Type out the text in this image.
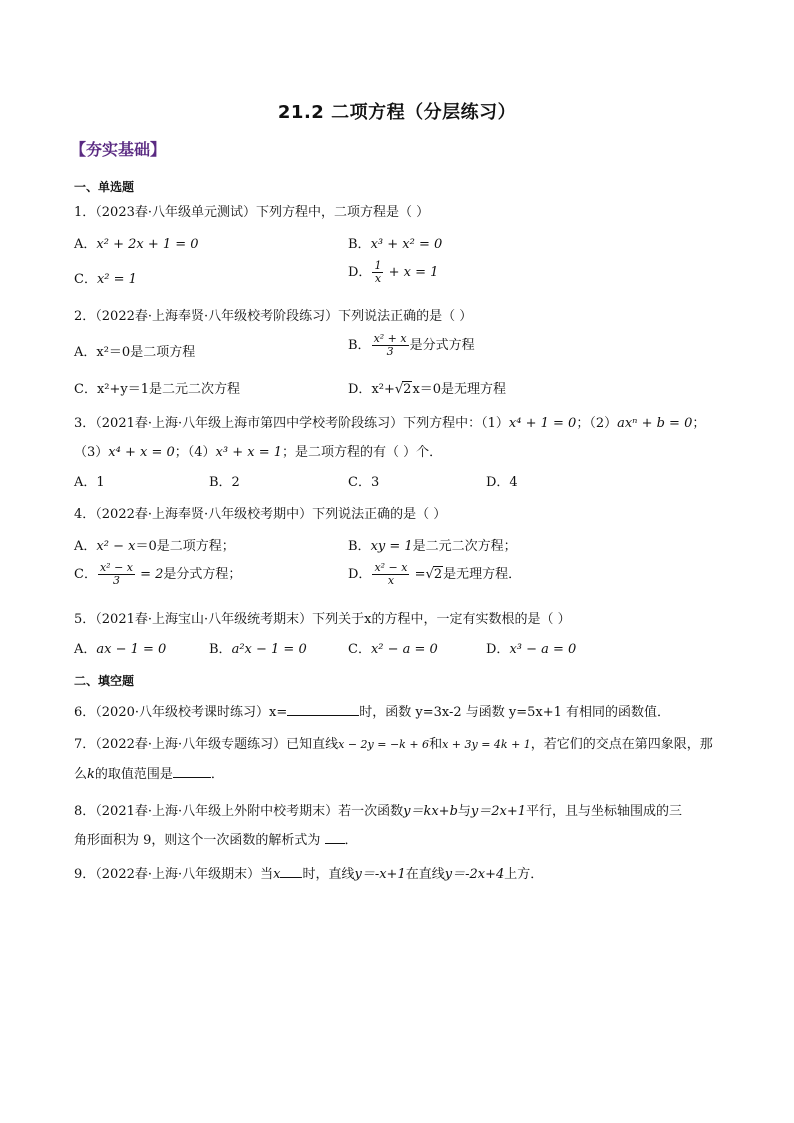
21.2 二项方程（分层练习）
【夯实基础】
一、单选题
1．（2023春·八年级单元测试）下列方程中，二项方程是（ ）
A．x² + 2x + 1 = 0	B．x³ + x² = 0
C．x² = 1	D． $\frac{1}{x} + x = 1$
2．（2022春·上海奉贤·八年级校考阶段练习）下列说法正确的是（ ）
A．x²＝0是二项方程	B． $\frac{\text{x² + x}}{3}$ 是分式方程
C．x²+y＝1是二元二次方程	D．x²+√2x＝0是无理方程
3．（2021春·上海·八年级上海市第四中学校考阶段练习）下列方程中：（1）x⁴ + 1 = 0；（2）axⁿ + b = 0；
（3）x⁴ + x = 0；（4）x³ + x = 1；是二项方程的有（ ）个．
A．1	B．2	C．3	D．4
4．（2022春·上海奉贤·八年级校考期中）下列说法正确的是（ ）
A．x² − x＝0是二项方程；	B．xy = 1是二元二次方程；
C． $\frac{\text{x² − x}}{3} = 2$是分式方程；	D． $\frac{\text{x² − x}}{x} =√2$是无理方程．
5．（2021春·上海宝山·八年级统考期末）下列关于x的方程中，一定有实数根的是（ ）
A．ax − 1 = 0	B．a²x − 1 = 0	C．x² − a = 0	D．x³ − a = 0
二、填空题
6．（2020·八年级校考课时练习）x=	时，函数 y=3x-2 与函数 y=5x+1 有相同的函数值．
7．（2022春·上海·八年级专题练习）已知直线x − 2y = −k + 6和x + 3y = 4k + 1，若它们的交点在第四象限，那
么k的取值范围是	．
8．（2021春·上海·八年级上外附中校考期末）若一次函数y＝kx+b与y＝2x+1平行，且与坐标轴围成的三
角形面积为 9，则这个一次函数的解析式为 ．
9．（2022春·上海·八年级期末）当x 时，直线y＝-x+1在直线y＝-2x+4上方．
